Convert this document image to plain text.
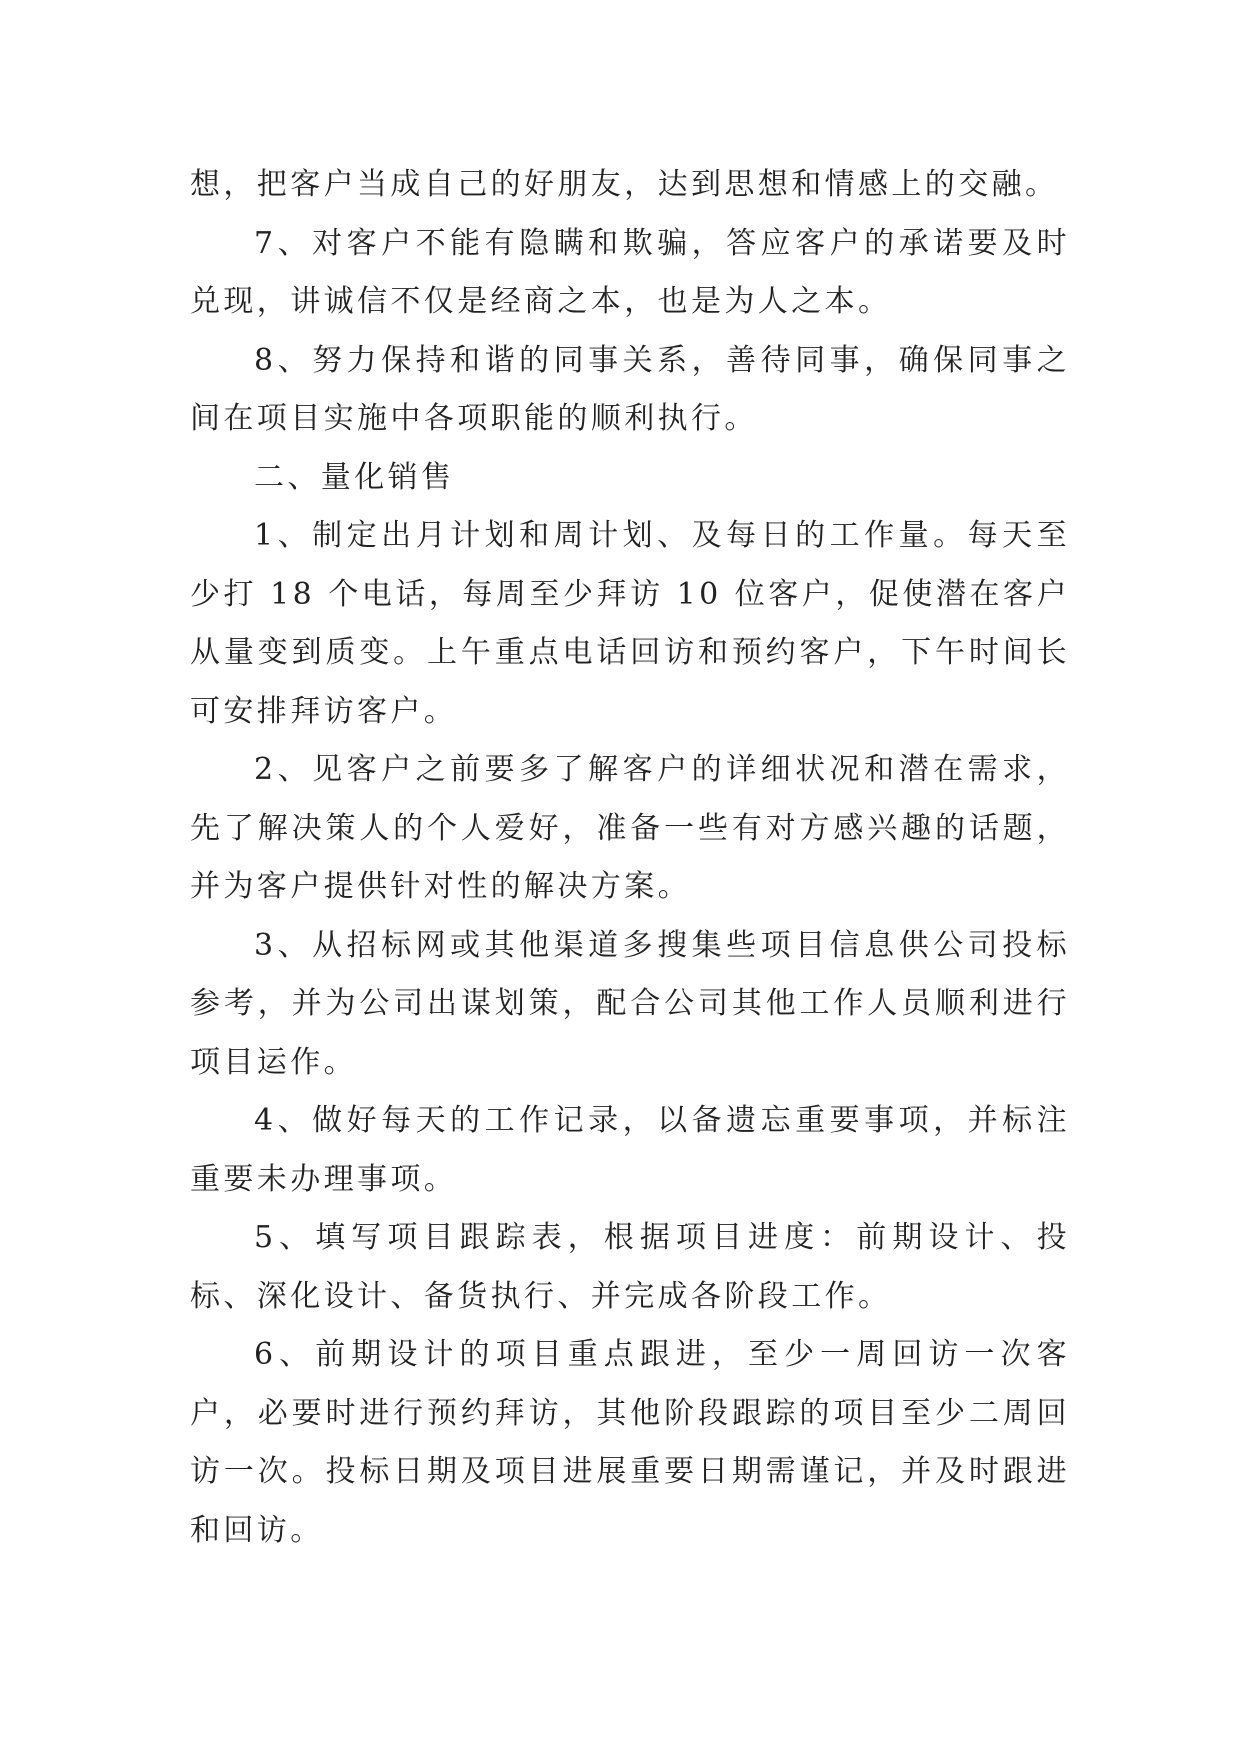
想，把客户当成自己的好朋友，达到思想和情感上的交融。

7、对客户不能有隐瞒和欺骗，答应客户的承诺要及时兑现，讲诚信不仅是经商之本，也是为人之本。

8、努力保持和谐的同事关系，善待同事，确保同事之间在项目实施中各项职能的顺利执行。

二、量化销售

1、制定出月计划和周计划、及每日的工作量。每天至少打 18 个电话，每周至少拜访 10 位客户，促使潜在客户从量变到质变。上午重点电话回访和预约客户，下午时间长可安排拜访客户。

2、见客户之前要多了解客户的详细状况和潜在需求，先了解决策人的个人爱好，准备一些有对方感兴趣的话题，并为客户提供针对性的解决方案。

3、从招标网或其他渠道多搜集些项目信息供公司投标参考，并为公司出谋划策，配合公司其他工作人员顺利进行项目运作。

4、做好每天的工作记录，以备遗忘重要事项，并标注重要未办理事项。

5、填写项目跟踪表，根据项目进度：前期设计、投标、深化设计、备货执行、并完成各阶段工作。

6、前期设计的项目重点跟进，至少一周回访一次客户，必要时进行预约拜访，其他阶段跟踪的项目至少二周回访一次。投标日期及项目进展重要日期需谨记，并及时跟进和回访。
